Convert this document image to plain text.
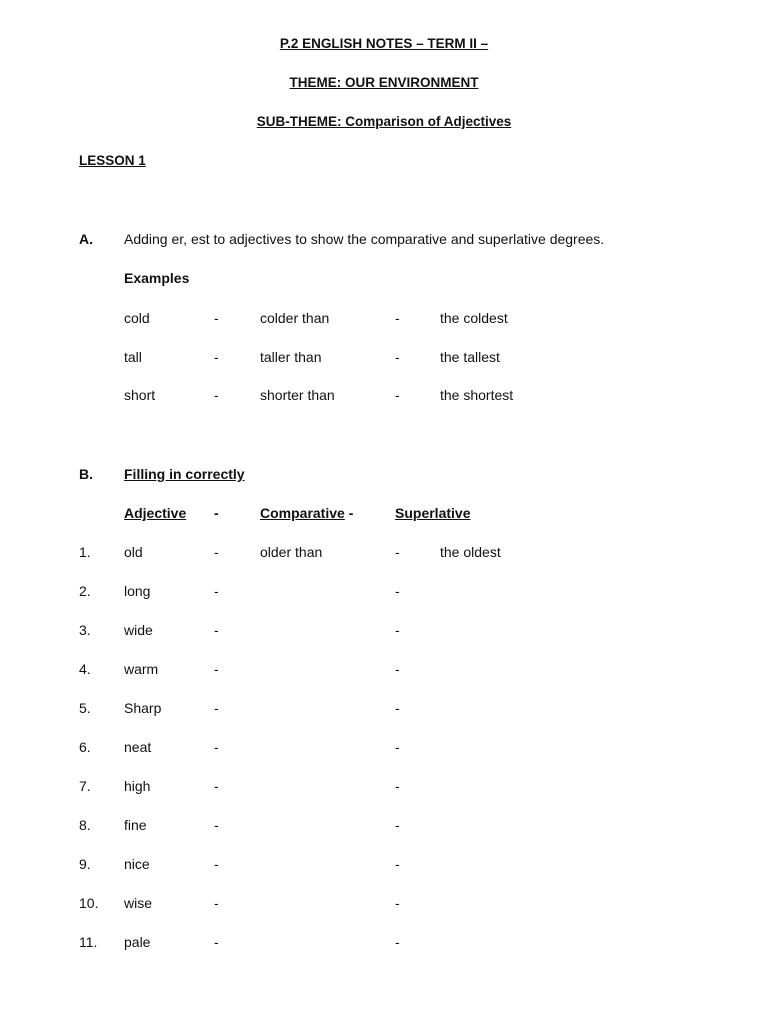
P.2 ENGLISH NOTES – TERM II –
THEME: OUR ENVIRONMENT
SUB-THEME: Comparison of Adjectives
LESSON 1
A. Adding er, est to adjectives to show the comparative and superlative degrees.
Examples
cold	-	colder than	-	the coldest
tall	-	taller than	-	the tallest
short	-	shorter than	-	the shortest
B. Filling in correctly
Adjective -	Comparative -	Superlative
1. old	-	older than	-	the oldest
2. long	-	-
3. wide	-	-
4. warm	-	-
5. Sharp	-	-
6. neat	-	-
7. high	-	-
8. fine	-	-
9. nice	-	-
10. wise	-	-
11. pale	-	-
